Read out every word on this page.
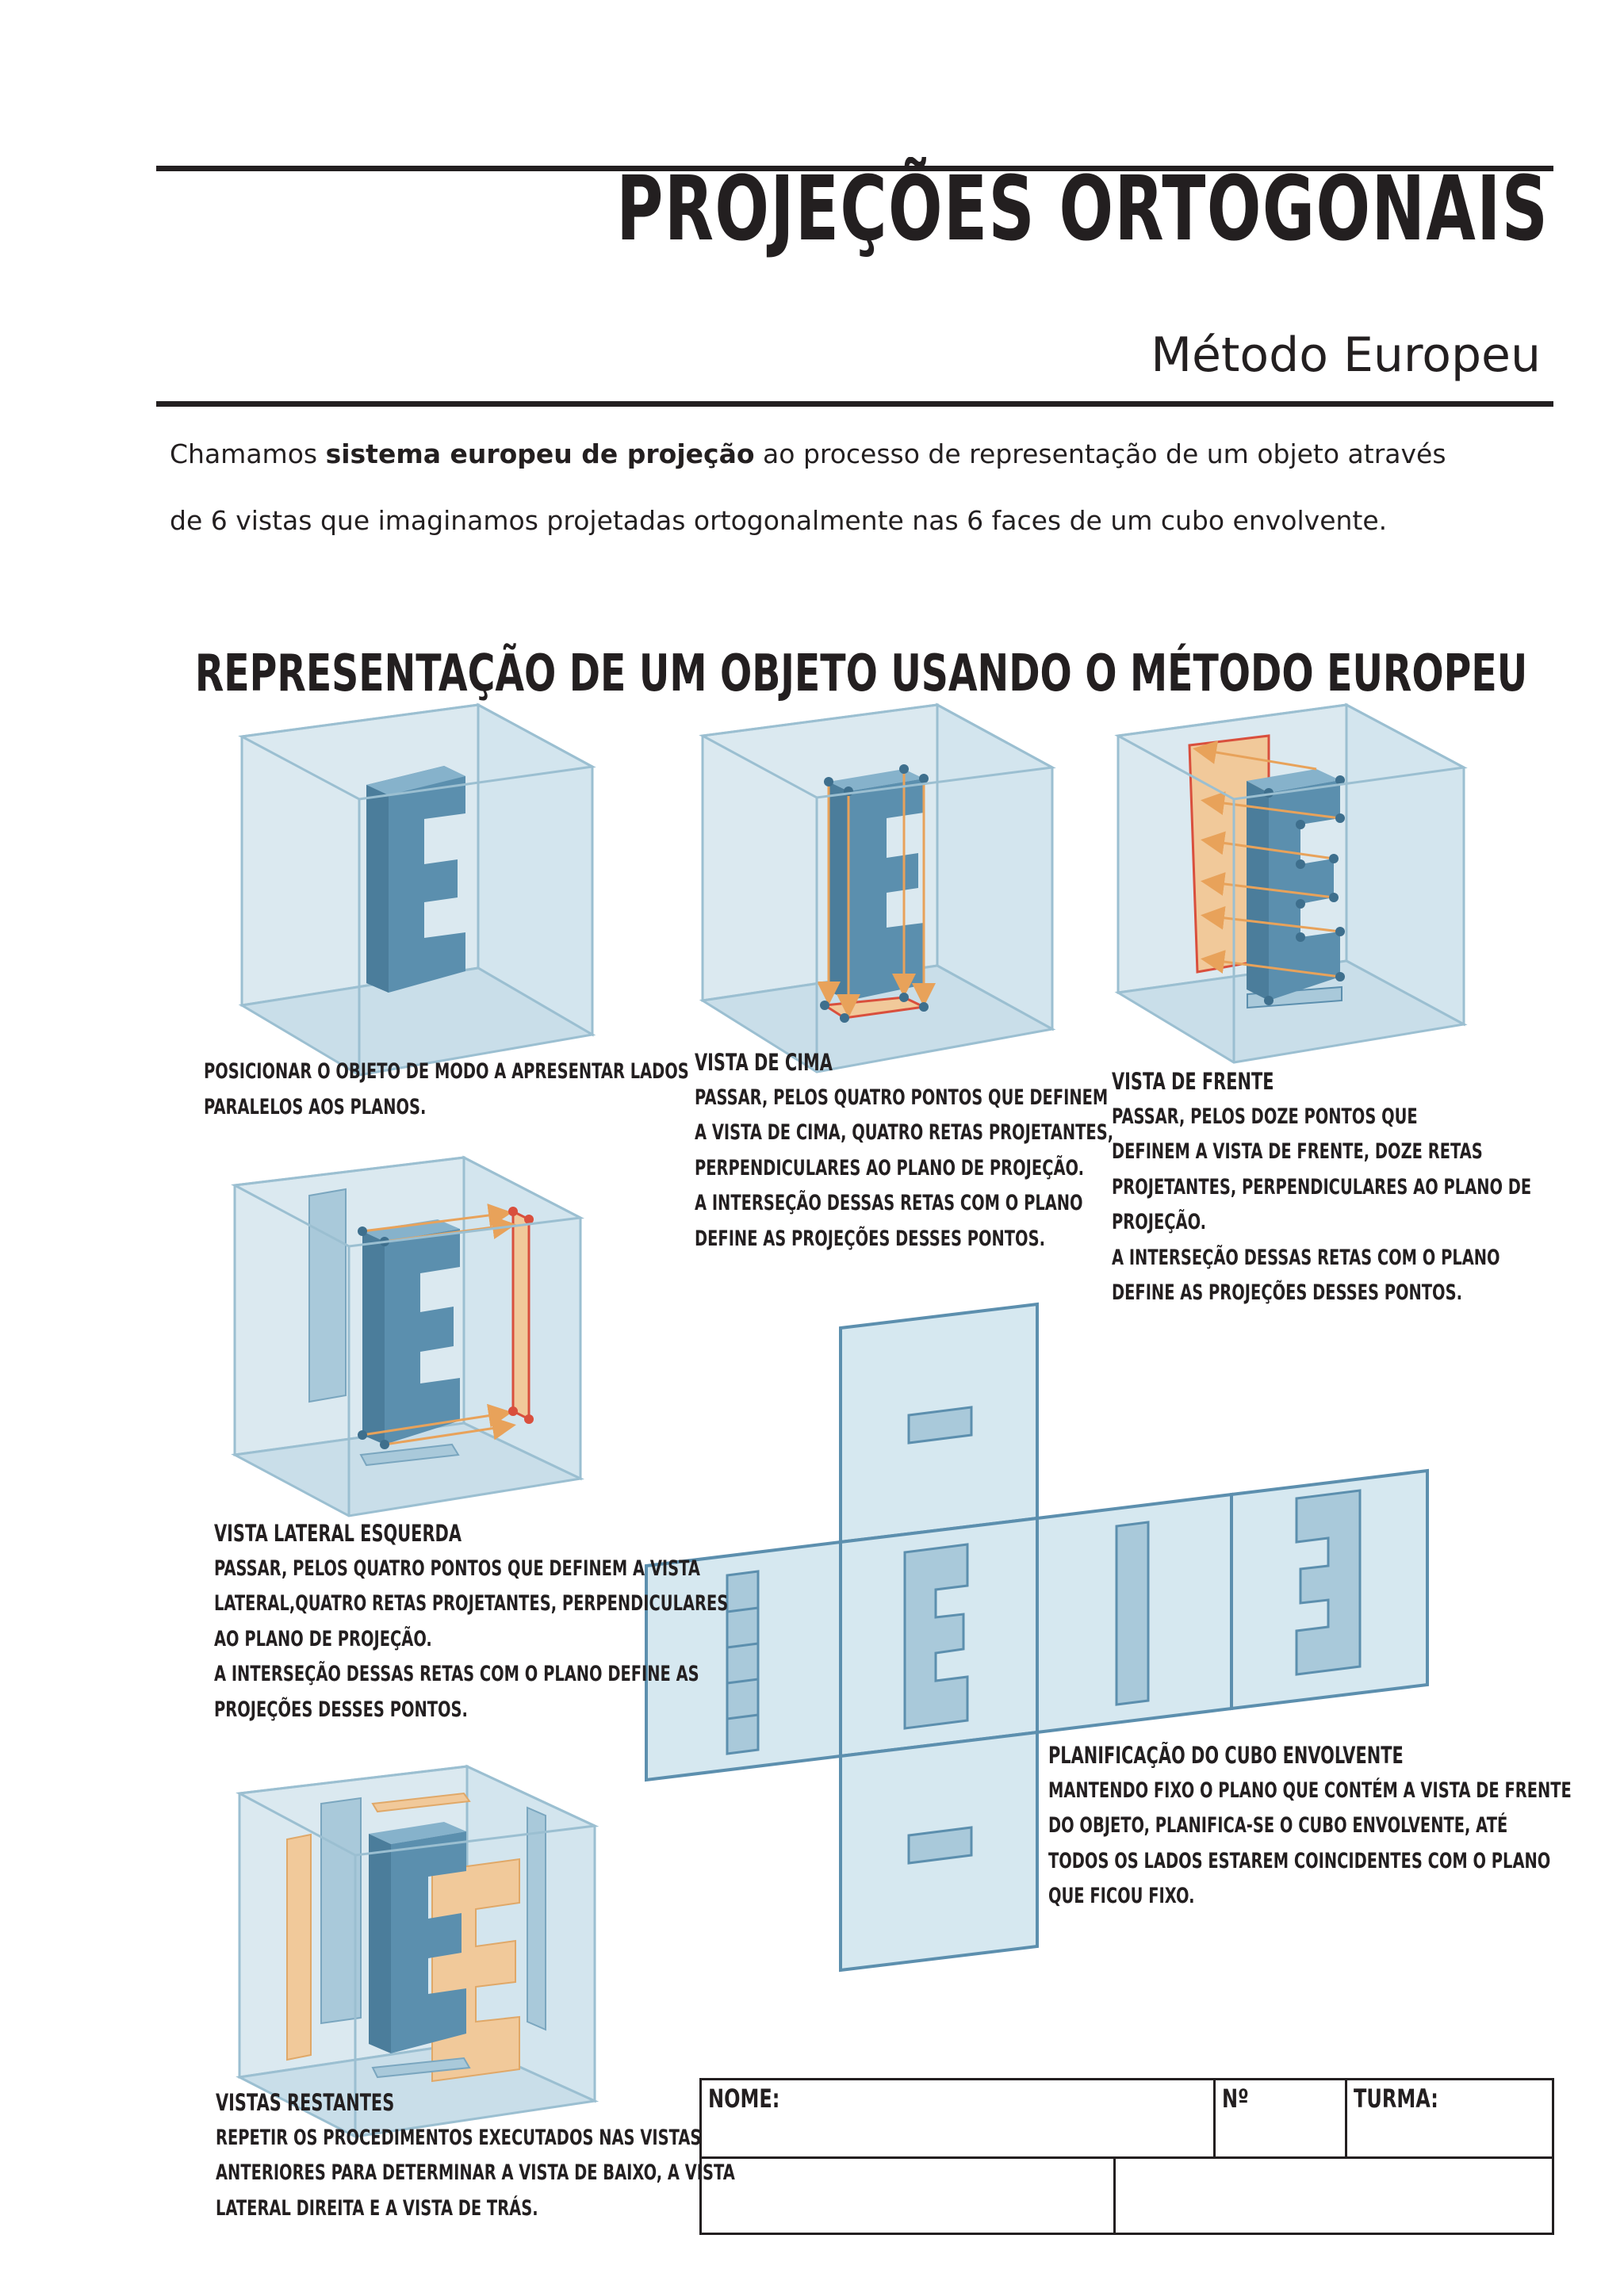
PROJEÇÕES ORTOGONAIS
Método Europeu
Chamamos sistema europeu de projeção ao processo de representação de um objeto através
de 6 vistas que imaginamos projetadas ortogonalmente nas 6 faces de um cubo envolvente.
REPRESENTAÇÃO DE UM OBJETO USANDO O MÉTODO EUROPEU
POSICIONAR O OBJETO DE MODO A APRESENTAR LADOS
PARALELOS AOS PLANOS.
VISTA DE CIMA
PASSAR, PELOS QUATRO PONTOS QUE DEFINEM
A VISTA DE CIMA, QUATRO RETAS PROJETANTES,
PERPENDICULARES AO PLANO DE PROJEÇÃO.
A INTERSEÇÃO DESSAS RETAS COM O PLANO
DEFINE AS PROJEÇÕES DESSES PONTOS.
VISTA DE FRENTE
PASSAR, PELOS DOZE PONTOS QUE
DEFINEM A VISTA DE FRENTE, DOZE RETAS
PROJETANTES, PERPENDICULARES AO PLANO DE
PROJEÇÃO.
A INTERSEÇÃO DESSAS RETAS COM O PLANO
DEFINE AS PROJEÇÕES DESSES PONTOS.
VISTA LATERAL ESQUERDA
PASSAR, PELOS QUATRO PONTOS QUE DEFINEM A VISTA
LATERAL,QUATRO RETAS PROJETANTES, PERPENDICULARES
AO PLANO DE PROJEÇÃO.
A INTERSEÇÃO DESSAS RETAS COM O PLANO DEFINE AS
PROJEÇÕES DESSES PONTOS.
PLANIFICAÇÃO DO CUBO ENVOLVENTE
MANTENDO FIXO O PLANO QUE CONTÉM A VISTA DE FRENTE
DO OBJETO, PLANIFICA-SE O CUBO ENVOLVENTE, ATÉ
TODOS OS LADOS ESTAREM COINCIDENTES COM O PLANO
QUE FICOU FIXO.
VISTAS RESTANTES
REPETIR OS PROCEDIMENTOS EXECUTADOS NAS VISTAS
ANTERIORES PARA DETERMINAR A VISTA DE BAIXO, A VISTA
LATERAL DIREITA E A VISTA DE TRÁS.
NOME:	Nº	TURMA:
